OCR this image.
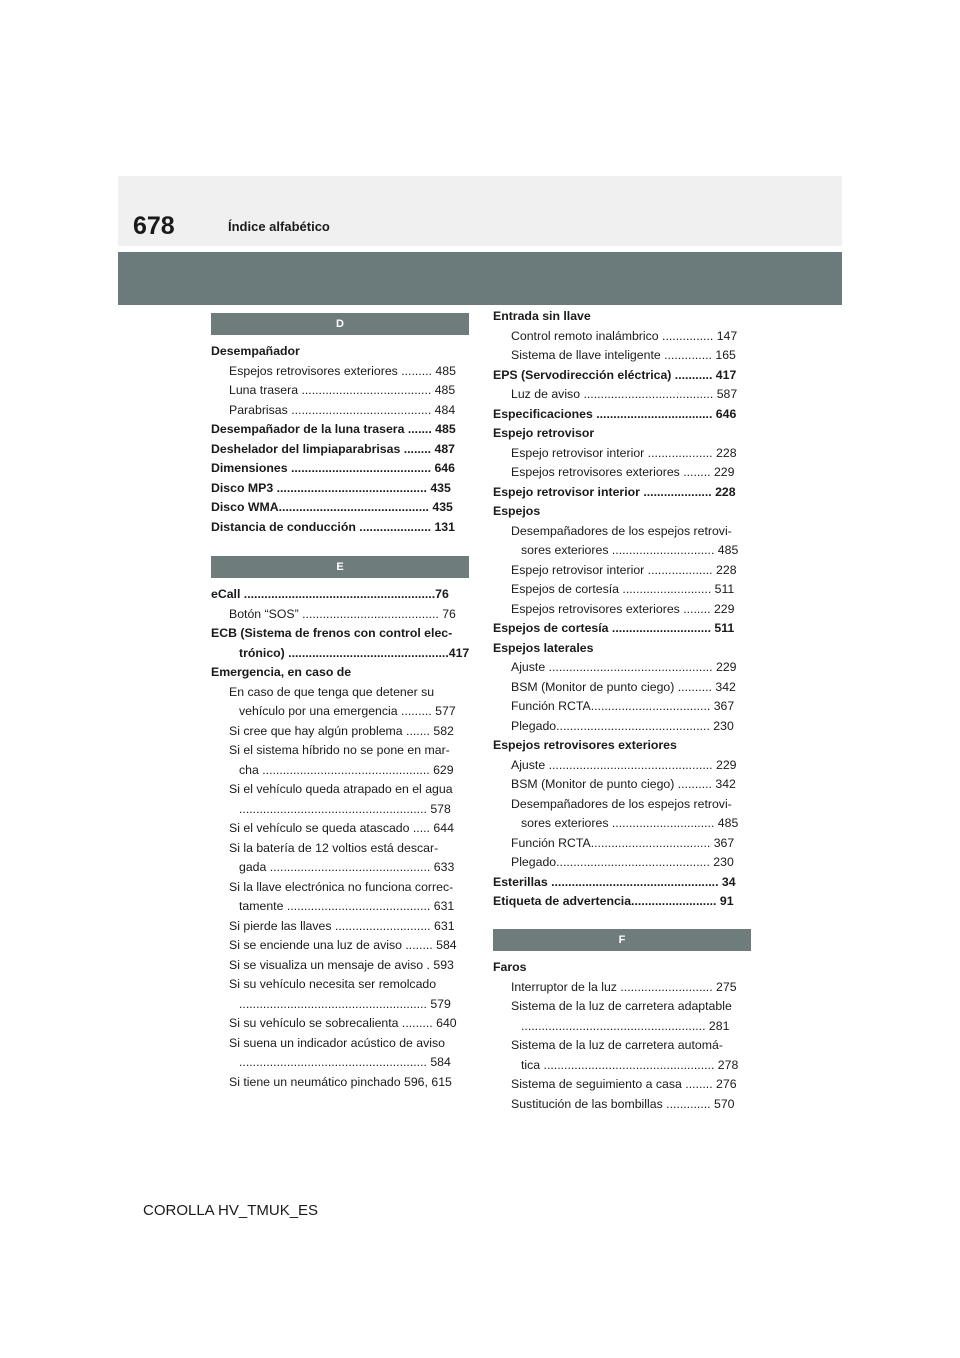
678	Índice alfabético
D
Desempañador
Espejos retrovisores exteriores ......... 485
Luna trasera ...................................... 485
Parabrisas ......................................... 484
Desempañador de la luna trasera ....... 485
Deshelador del limpiaparabrisas ........ 487
Dimensiones ......................................... 646
Disco MP3 ............................................ 435
Disco WMA............................................ 435
Distancia de conducción ..................... 131
E
eCall ........................................................76
Botón “SOS” ........................................ 76
ECB (Sistema de frenos con control elec-
trónico) ...............................................417
Emergencia, en caso de
En caso de que tenga que detener su
vehículo por una emergencia ......... 577
Si cree que hay algún problema ....... 582
Si el sistema híbrido no se pone en mar-
cha ................................................. 629
Si el vehículo queda atrapado en el agua
....................................................... 578
Si el vehículo se queda atascado ..... 644
Si la batería de 12 voltios está descar-
gada ............................................... 633
Si la llave electrónica no funciona correc-
tamente .......................................... 631
Si pierde las llaves ............................ 631
Si se enciende una luz de aviso ........ 584
Si se visualiza un mensaje de aviso . 593
Si su vehículo necesita ser remolcado
....................................................... 579
Si su vehículo se sobrecalienta ......... 640
Si suena un indicador acústico de aviso
....................................................... 584
Si tiene un neumático pinchado 596, 615
Entrada sin llave
Control remoto inalámbrico ............... 147
Sistema de llave inteligente .............. 165
EPS (Servodirección eléctrica) ........... 417
Luz de aviso ...................................... 587
Especificaciones .................................. 646
Espejo retrovisor
Espejo retrovisor interior ................... 228
Espejos retrovisores exteriores ........ 229
Espejo retrovisor interior .................... 228
Espejos
Desempañadores de los espejos retrovi-
sores exteriores .............................. 485
Espejo retrovisor interior ................... 228
Espejos de cortesía .......................... 511
Espejos retrovisores exteriores ........ 229
Espejos de cortesía ............................. 511
Espejos laterales
Ajuste ................................................ 229
BSM (Monitor de punto ciego) .......... 342
Función RCTA................................... 367
Plegado............................................. 230
Espejos retrovisores exteriores
Ajuste ................................................ 229
BSM (Monitor de punto ciego) .......... 342
Desempañadores de los espejos retrovi-
sores exteriores .............................. 485
Función RCTA................................... 367
Plegado............................................. 230
Esterillas ................................................. 34
Etiqueta de advertencia......................... 91
F
Faros
Interruptor de la luz ........................... 275
Sistema de la luz de carretera adaptable
...................................................... 281
Sistema de la luz de carretera automá-
tica .................................................. 278
Sistema de seguimiento a casa ........ 276
Sustitución de las bombillas ............. 570
COROLLA HV_TMUK_ES
